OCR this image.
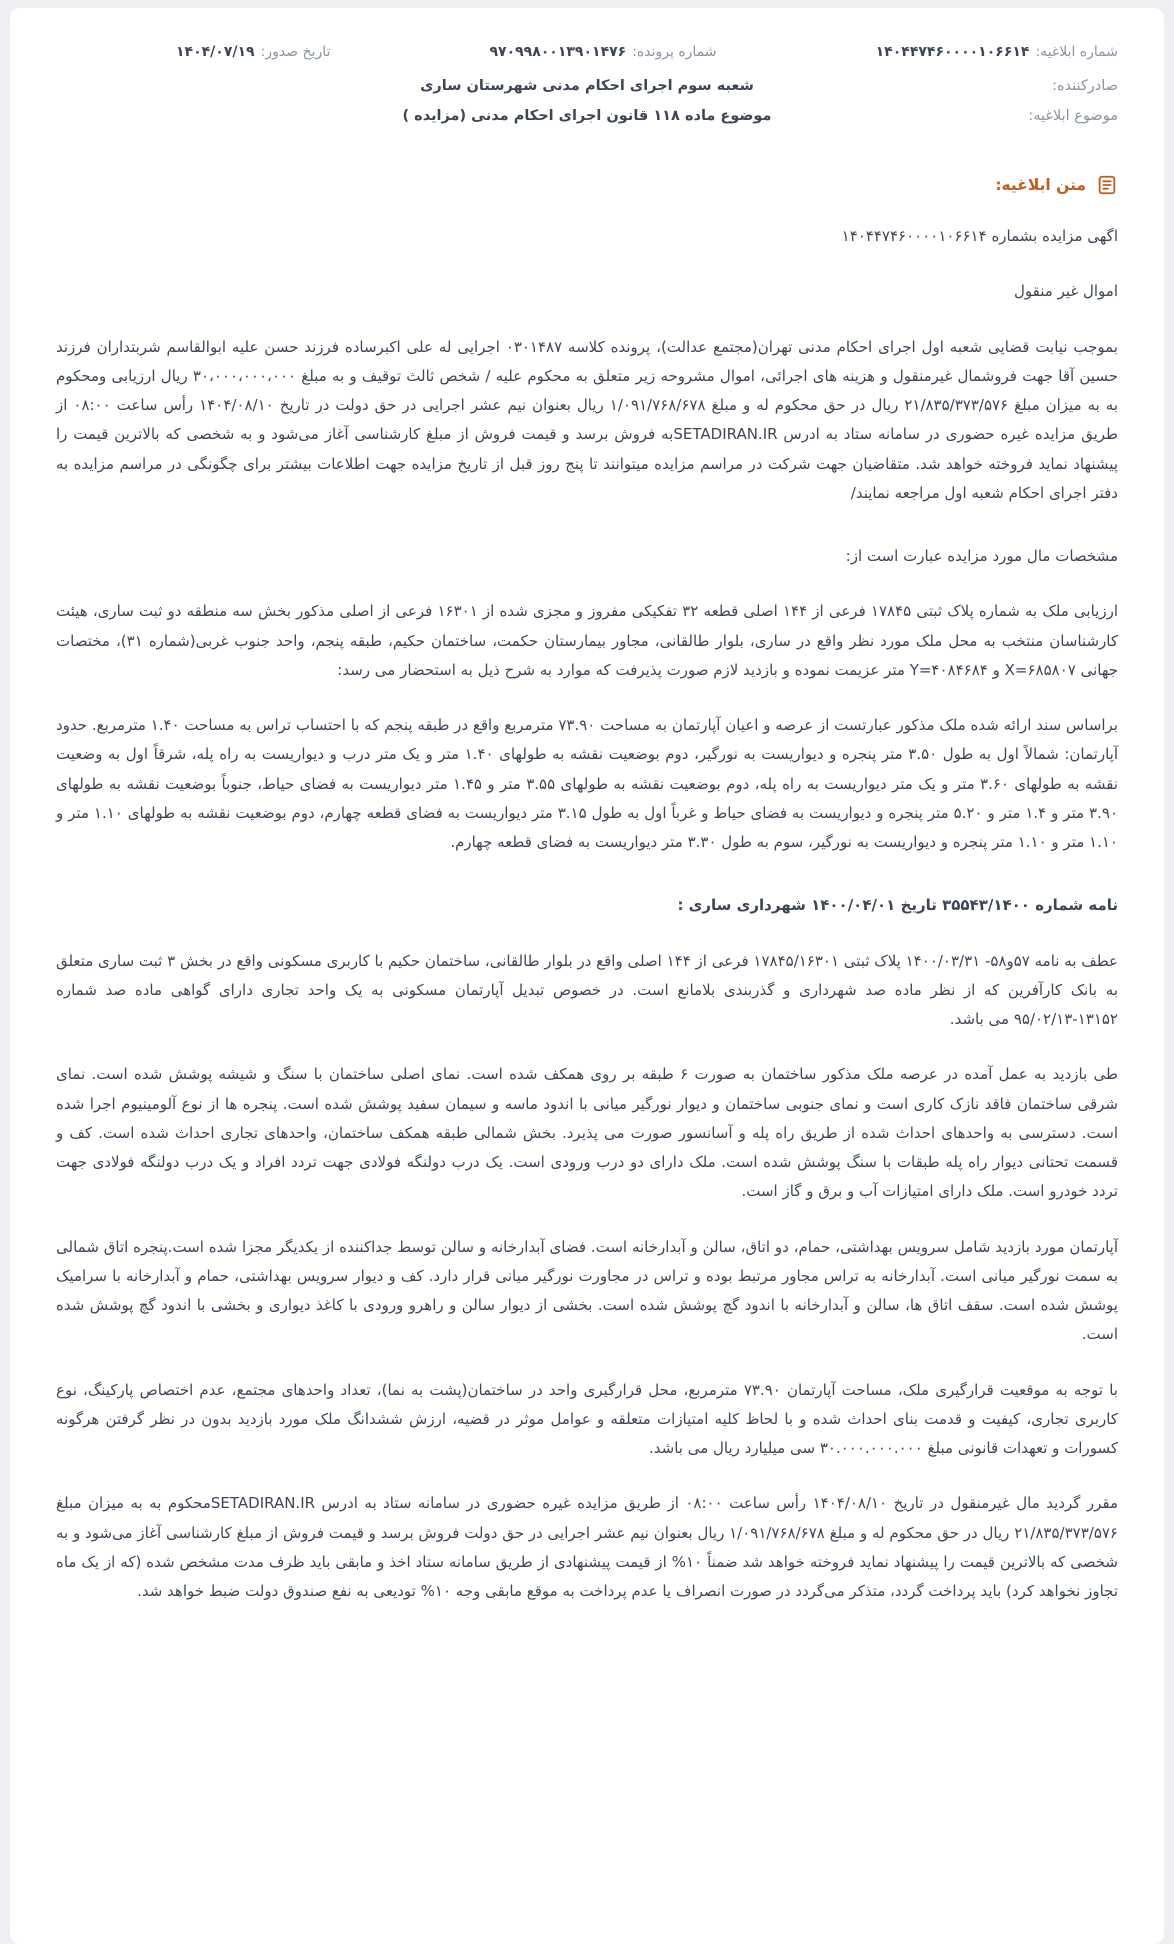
شماره ابلاغیه:
۱۴۰۴۴۷۴۶۰۰۰۰۱۰۶۶۱۴
شماره پرونده:
۹۷۰۹۹۸۰۰۱۳۹۰۱۴۷۶
تاریخ صدور:
۱۴۰۴/۰۷/۱۹
صادرکننده:
شعبه سوم اجرای احکام مدنی شهرستان ساری
موضوع ابلاغیه:
موضوع ماده ۱۱۸ قانون اجرای احکام مدنی (مزایده )
متن ابلاغیه:

اگهی مزایده بشماره ۱۴۰۴۴۷۴۶۰۰۰۰۱۰۶۶۱۴

اموال غیر منقول

بموجب نیابت قضایی شعبه اول اجرای احکام مدنی تهران(مجتمع عدالت)، پرونده کلاسه ۰۳۰۱۴۸۷ اجرایی له علی اکبرساده فرزند حسن علیه ابوالقاسم شربتداران فرزند حسین آقا جهت فروشمال غیرمنقول و هزینه های اجرائی، اموال مشروحه زیر متعلق به محکوم علیه / شخص ثالث توقیف و به مبلغ ۳۰،۰۰۰،۰۰۰،۰۰۰ ریال ارزیابی ومحکوم به به میزان مبلغ ۲۱/۸۳۵/۳۷۳/۵۷۶ ریال در حق محکوم له و مبلغ ۱/۰۹۱/۷۶۸/۶۷۸ ریال بعنوان نیم عشر اجرایی در حق دولت در تاریخ ۱۴۰۴/۰۸/۱۰ رأس ساعت ۰۸:۰۰ از طریق مزایده غیره حضوری در سامانه ستاد به ادرس SETADIRAN.IRبه فروش برسد و قیمت فروش از مبلغ کارشناسی آغاز می‌شود و به شخصی که بالاترین قیمت را پیشنهاد نماید فروخته خواهد شد. متقاضیان جهت شرکت در مراسم مزایده میتوانند تا پنج روز قبل از تاریخ مزایده جهت اطلاعات بیشتر برای چگونگی در مراسم مزایده به دفتر اجرای احکام شعبه اول مراجعه نمایند/

مشخصات مال مورد مزایده عبارت است از:

ارزیابی ملک به شماره پلاک ثبتی ۱۷۸۴۵ فرعی از ۱۴۴ اصلی قطعه ۳۲ تفکیکی مفروز و مجزی شده از ۱۶۳۰۱ فرعی از اصلی مذکور بخش سه منطقه دو ثبت ساری، هیئت کارشناسان منتخب به محل ملک مورد نظر واقع در ساری، بلوار طالقانی، مجاور بیمارستان حکمت، ساختمان حکیم، طبقه پنجم، واحد جنوب غربی(شماره ۳۱)، مختصات جهانی X=۶۸۵۸۰۷ و Y=۴۰۸۴۶۸۴ متر عزیمت نموده و بازدید لازم صورت پذیرفت که موارد به شرح ذیل به استحضار می رسد:

براساس سند ارائه شده ملک مذکور عبارتست از عرصه و اعیان آپارتمان به مساحت ۷۳.۹۰ مترمربع واقع در طبقه پنجم که با احتساب تراس به مساحت ۱.۴۰ مترمربع. حدود آپارتمان: شمالاً اول به طول ۳.۵۰ متر پنجره و دیواریست به نورگیر، دوم بوضعیت نقشه به طولهای ۱.۴۰ متر و یک متر درب و دیواریست به راه پله، شرقاً اول به وضعیت نقشه به طولهای ۳.۶۰ متر و یک متر دیواریست به راه پله، دوم بوضعیت نقشه به طولهای ۳.۵۵ متر و ۱.۴۵ متر دیواریست به فضای حیاط، جنوباً بوضعیت نقشه به طولهای ۳.۹۰ متر و ۱.۴ متر و ۵.۲۰ متر پنجره و دیواریست به فضای حیاط و غرباً اول به طول ۳.۱۵ متر دیواریست به فضای قطعه چهارم، دوم بوضعیت نقشه به طولهای ۱.۱۰ متر و ۱.۱۰ متر و ۱.۱۰ متر پنجره و دیواریست به نورگیر، سوم به طول ۳.۳۰ متر دیواریست به فضای قطعه چهارم.

نامه شماره ۳۵۵۴۳/۱۴۰۰ تاریخ ۱۴۰۰/۰۴/۰۱ شهرداری ساری :

عطف به نامه ۵۷و۵۸- ۱۴۰۰/۰۳/۳۱ پلاک ثبتی ۱۷۸۴۵/۱۶۳۰۱ فرعی از ۱۴۴ اصلی واقع در بلوار طالقانی، ساختمان حکیم با کاربری مسکونی واقع در بخش ۳ ثبت ساری متعلق به بانک کارآفرین که از نظر ماده صد شهرداری و گذربندی بلامانع است. در خصوص تبدیل آپارتمان مسکونی به یک واحد تجاری دارای گواهی ماده صد شماره ۱۳۱۵۲-۹۵/۰۲/۱۳ می باشد.

طی بازدید به عمل آمده در عرصه ملک مذکور ساختمان به صورت ۶ طبقه بر روی همکف شده است. نمای اصلی ساختمان با سنگ و شیشه پوشش شده است. نمای شرقی ساختمان فاقد نازک کاری است و نمای جنوبی ساختمان و دیوار نورگیر میانی با اندود ماسه و سیمان سفید پوشش شده است. پنجره ها از نوع آلومینیوم اجرا شده است. دسترسی به واحدهای احداث شده از طریق راه پله و آسانسور صورت می پذیرد. بخش شمالی طبقه همکف ساختمان، واحدهای تجاری احداث شده است. کف و قسمت تحتانی دیوار راه پله طبقات با سنگ پوشش شده است. ملک دارای دو درب ورودی است. یک درب دولنگه فولادی جهت تردد افراد و یک درب دولنگه فولادی جهت تردد خودرو است. ملک دارای امتیازات آب و برق و گاز است.

آپارتمان مورد بازدید شامل سرویس بهداشتی، حمام، دو اتاق، سالن و آبدارخانه است. فضای آبدارخانه و سالن توسط جداکننده از یکدیگر مجزا شده است.پنجره اتاق شمالی به سمت نورگیر میانی است. آبدارخانه به تراس مجاور مرتبط بوده و تراس در مجاورت نورگیر میانی قرار دارد. کف و دیوار سرویس بهداشتی، حمام و آبدارخانه با سرامیک پوشش شده است. سقف اتاق ها، سالن و آبدارخانه با اندود گچ پوشش شده است. بخشی از دیوار سالن و راهرو ورودی با کاغذ دیواری و بخشی با اندود گچ پوشش شده است.

با توجه به موقعیت قرارگیری ملک، مساحت آپارتمان ۷۳.۹۰ مترمربع، محل قرارگیری واحد در ساختمان(پشت به نما)، تعداد واحدهای مجتمع، عدم اختصاص پارکینگ، نوع کاربری تجاری، کیفیت و قدمت بنای احداث شده و با لحاظ کلیه امتیازات متعلقه و عوامل موثر در قضیه، ارزش ششدانگ ملک مورد بازدید بدون در نظر گرفتن هرگونه کسورات و تعهدات قانونی مبلغ ۳۰.۰۰۰.۰۰۰.۰۰۰ سی میلیارد ریال می باشد.

مقرر گردید مال غیرمنقول در تاریخ ۱۴۰۴/۰۸/۱۰ رأس ساعت ۰۸:۰۰ از طریق مزایده غیره حضوری در سامانه ستاد به ادرس SETADIRAN.IRمحکوم به به میزان مبلغ ۲۱/۸۳۵/۳۷۳/۵۷۶ ریال در حق محکوم له و مبلغ ۱/۰۹۱/۷۶۸/۶۷۸ ریال بعنوان نیم عشر اجرایی در حق دولت فروش برسد و قیمت فروش از مبلغ کارشناسی آغاز می‌شود و به شخصی که بالاترین قیمت را پیشنهاد نماید فروخته خواهد شد ضمناً ۱۰% از قیمت پیشنهادی از طریق سامانه ستاد اخذ و مابقی باید ظرف مدت مشخص شده (که از یک ماه تجاوز نخواهد کرد) باید پرداخت گردد، متذکر می‌گردد در صورت انصراف یا عدم پرداخت به موقع مابقی وجه ۱۰% تودیعی به نفع صندوق دولت ضبط خواهد شد.
